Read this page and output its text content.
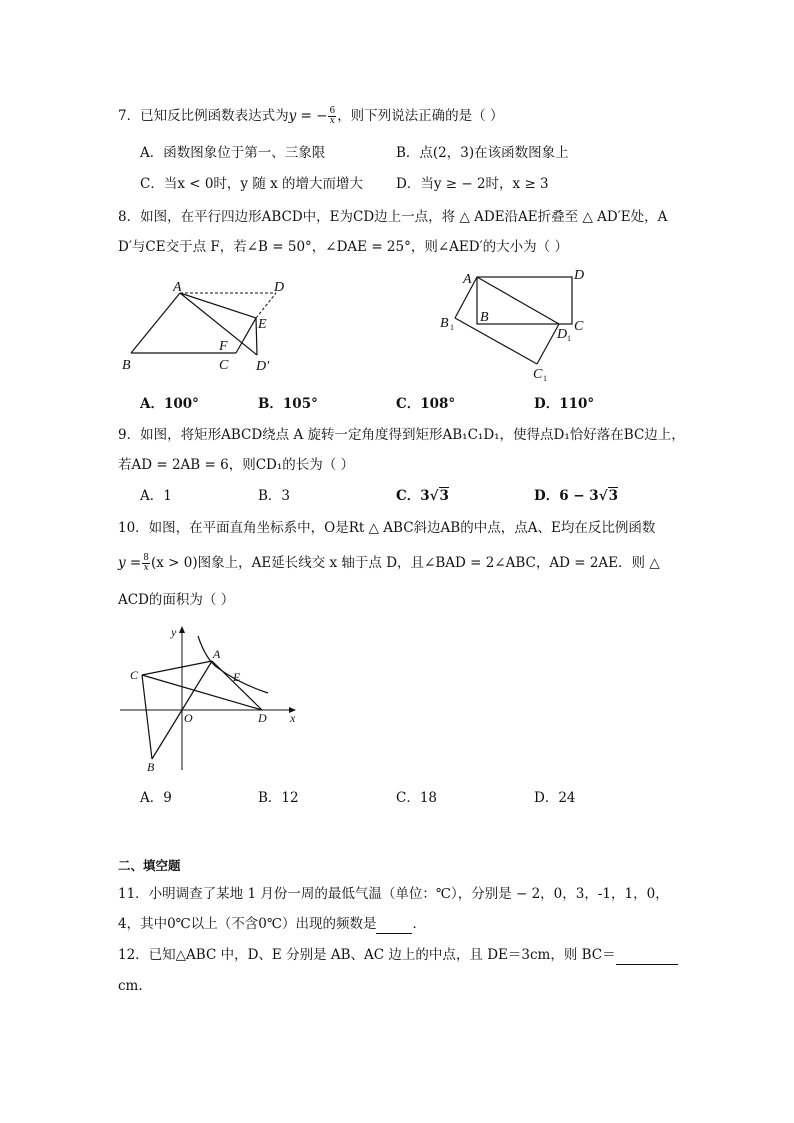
7．已知反比例函数表达式为y = − $\frac{6}{x}$ ，则下列说法正确的是（ ）
A．函数图象位于第一、三象限	B．点(2，3)在该函数图象上
C．当x < 0时，y 随 x 的增大而增大 D．当y ≥ − 2时，x ≥ 3
8．如图，在平行四边形ABCD中，E为CD边上一点，将 △ ADE沿AE折叠至 △ AD′E处，A
D′与CE交于点 F，若∠B = 50°，∠DAE = 25°，则∠AED′的大小为（ ）
A	D
E
F
B	C D′
A	D
B
C
B 1	D 1
C 1
A．100°	B．105°	C．108°	D．110°
9．如图，将矩形ABCD绕点 A 旋转一定角度得到矩形AB₁C₁D₁，使得点D₁恰好落在BC边上，
若AD = 2AB = 6，则CD₁的长为（ ）
A．1	B．3	C．3√3	D．6 − 3√3
10．如图，在平面直角坐标系中，O是Rt △ ABC斜边AB的中点，点A、E均在反比例函数
$y = \frac{8}{x} (x > 0)$图象上，AE延长线交 x 轴于点 D，且∠BAD = 2∠ABC，AD = 2AE．则 △
ACD的面积为（ ）
y
x
A
C	E
O	D
B
A．9	B．12	C．18	D．24
二、填空题
11．小明调查了某地 1 月份一周的最低气温（单位：℃），分别是 − 2，0，3，-1，1，0，
4，其中0℃以上（不含0℃）出现的频数是	．
12．已知△ABC 中，D、E 分别是 AB、AC 边上的中点，且 DE＝3cm，则 BC＝
cm.
